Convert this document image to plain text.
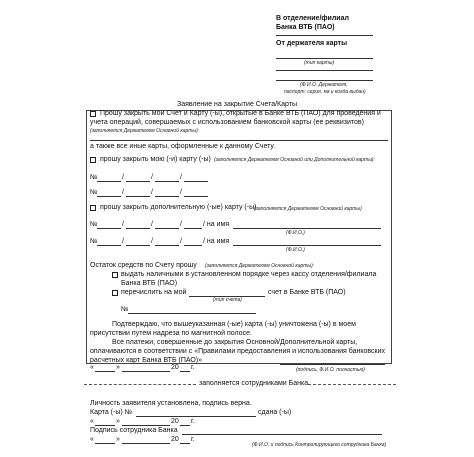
В отделение/филиал
Банка ВТБ (ПАО)
От держателя карты
(тип карты)
(Ф.И.О. Держателя,
паспорт: серия, км и когда выдан)
Заявление на закрытие Счета/Карты
Прошу закрыть мои Счет и Карту (-ы), открытые в Банке ВТБ (ПАО) для проведения и
учета операций, совершаемых с использованием банковской карты (ее реквизитов)
(заполняется Держателем Основной карты):
а также все иные карты, оформленные к данному Счету.
прошу закрыть мою (-и) карту (-ы) (заполняется Держателем Основной или Дополнительной карты):
№	/	/	/
№	/	/	/
прошу закрыть дополнительную (-ые) карту (-ы)
(заполняется Держателем Основной карты)
№	/	/	/	/ на имя
(Ф.И.О.)
№	/	/	/	/ на имя
(Ф.И.О.)
Остаток средств по Счету прошу (заполняется Держателем Основной карты):
выдать наличными в установленном порядке через кассу отделения/филиала
Банка ВТБ (ПАО)
перечислить на мой
(тип счета)
счет в Банке ВТБ (ПАО)
№
Подтверждаю, что вышеуказанная (-ые) карта (-ы) уничтожена (-ы) в моем
присутствии путем надреза по магнитной полосе.
Все платежи, совершенные до закрытия Основной/Дополнительной карты,
оплачиваются в соответствии с «Правилами предоставления и использования банковских
расчетных карт Банка ВТБ (ПАО)»
«	»	20 г.	(подпись, Ф.И.О. полностью)
заполняется сотрудниками Банка
Личность заявителя установлена, подпись верна.
Карта (-ы) №	сдана (-ы)
«	»	20 г.
Подпись сотрудника Банка
«	»	20 г.
(Ф.И.О. и подпись Контролирующего сотрудника Банка)
